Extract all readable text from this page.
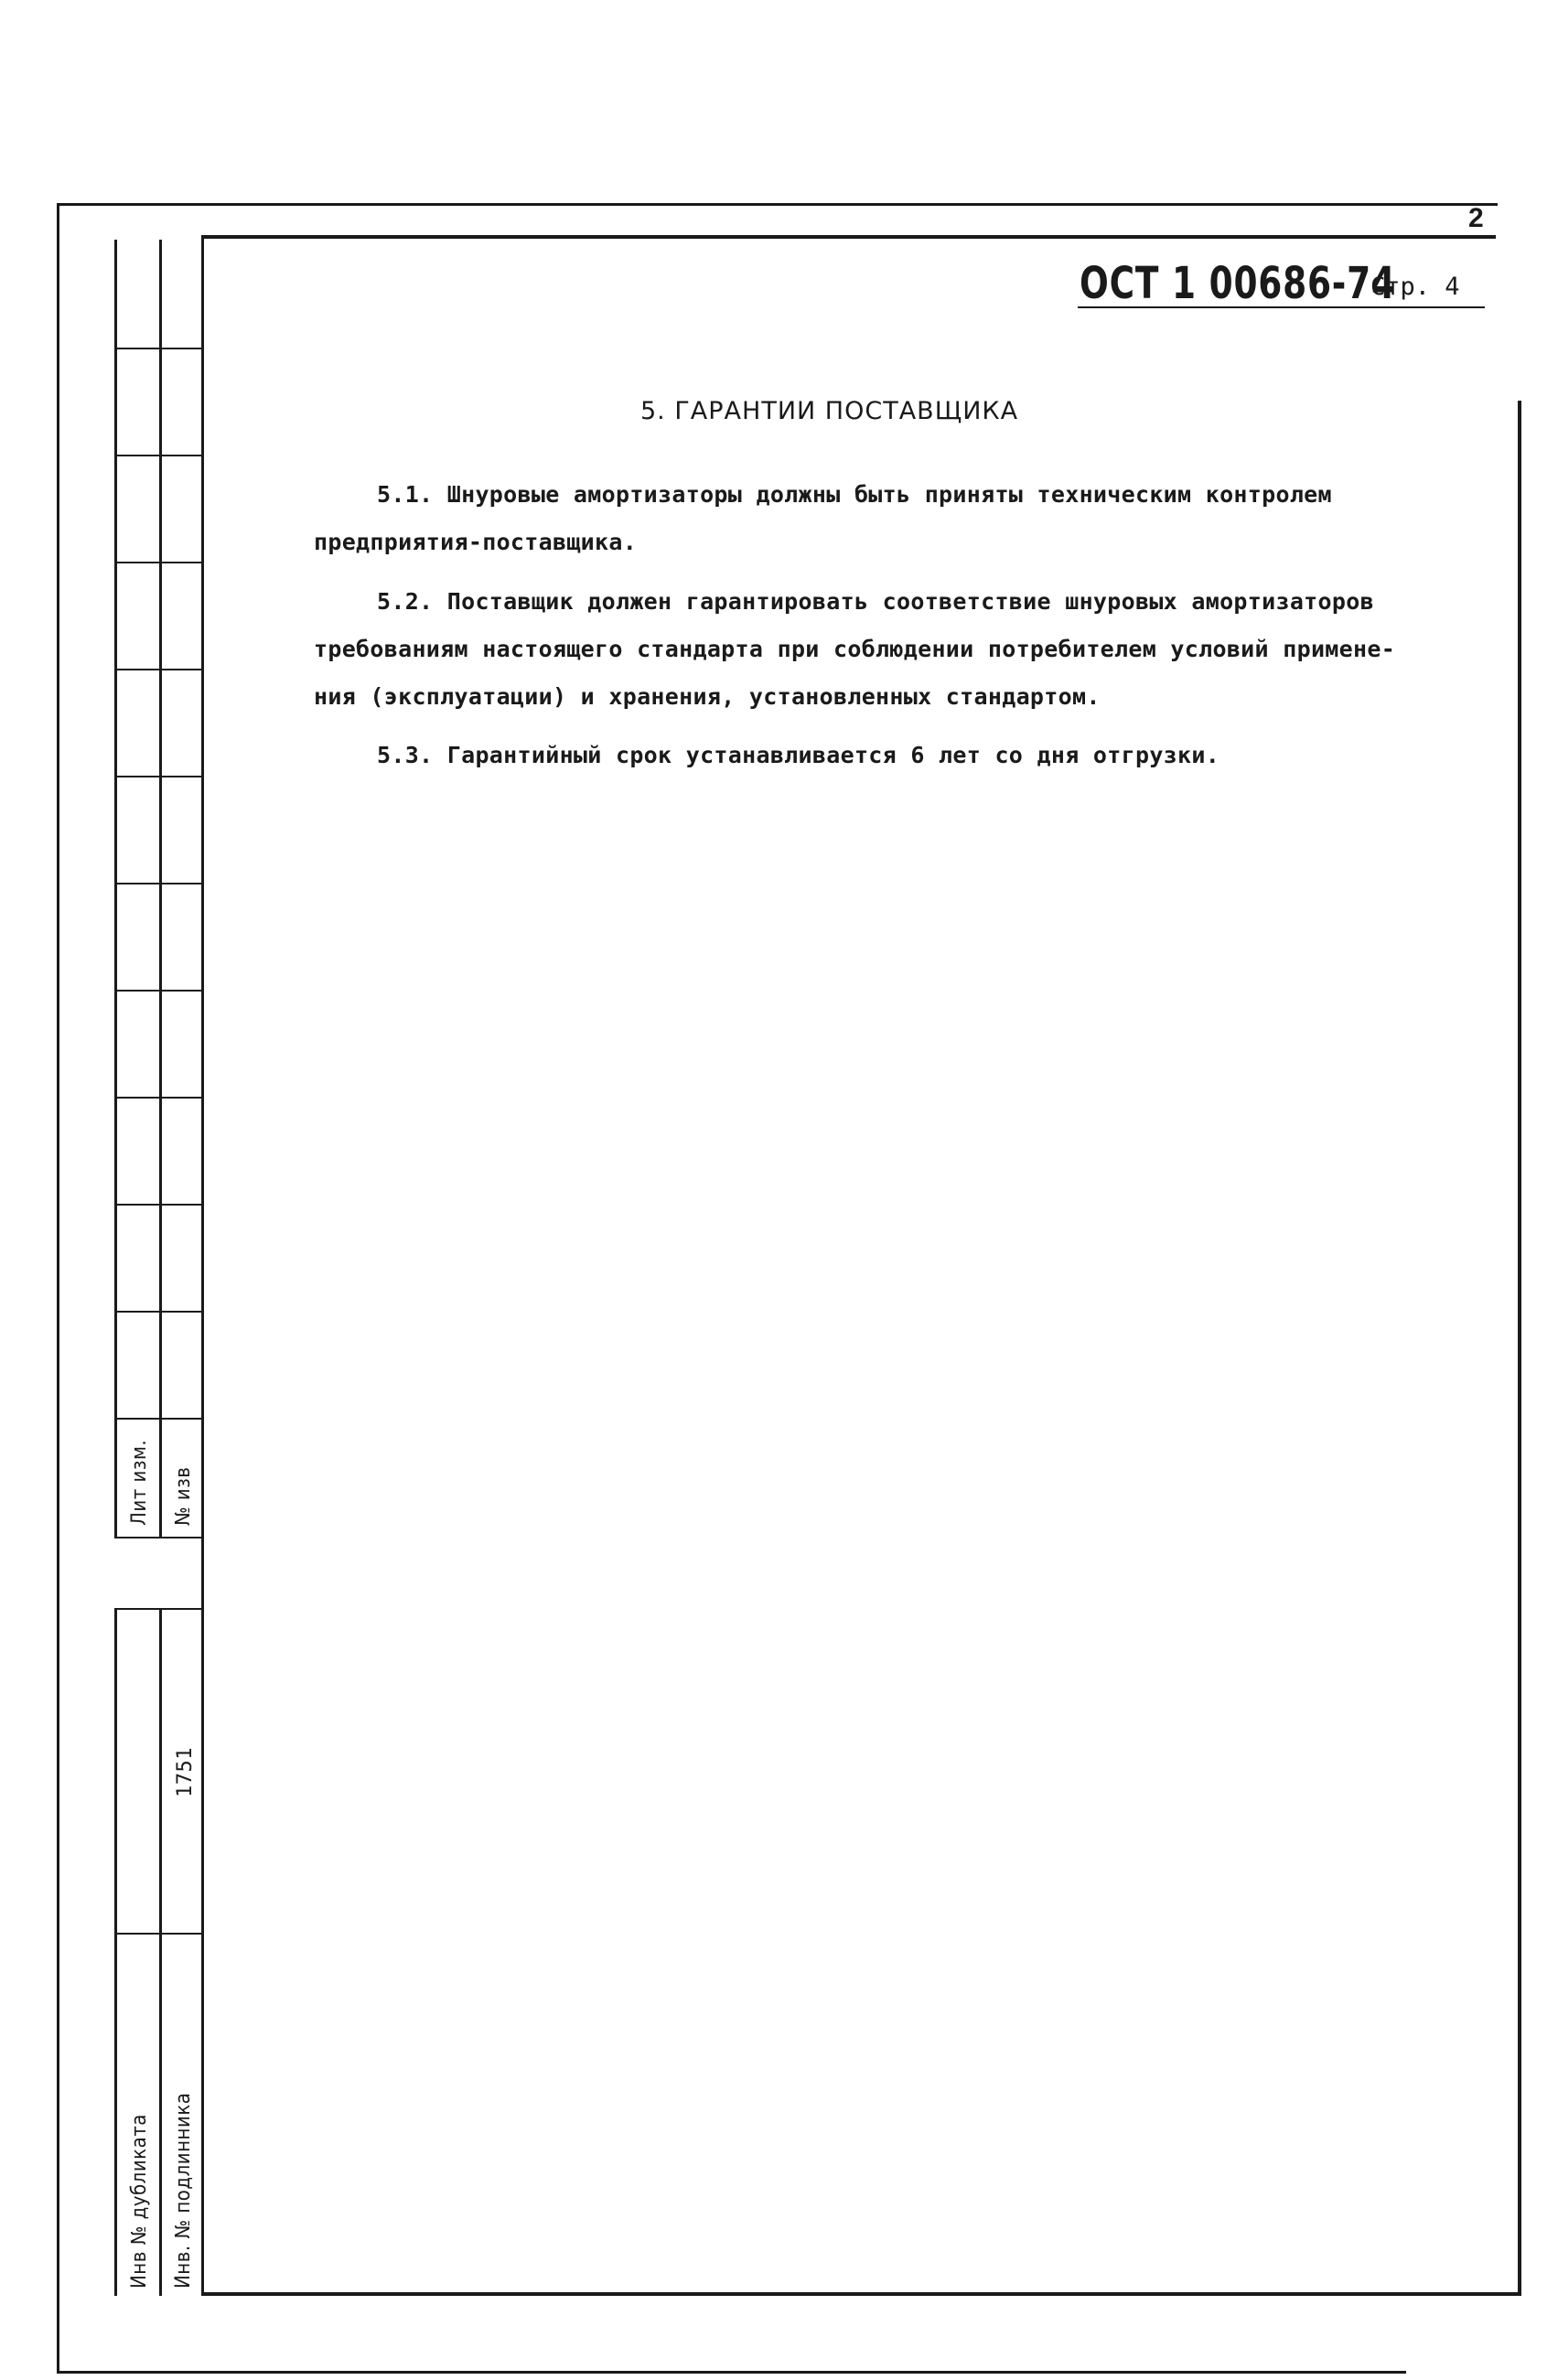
Лит изм. № изв
1751
Инв № дубликата Инв. № подлинника
2
ОСТ 1 00686-74
Стр. 4
5. ГАРАНТИИ ПОСТАВЩИКА
5.1. Шнуровые амортизаторы должны быть приняты техническим контролем
предприятия-поставщика.
5.2. Поставщик должен гарантировать соответствие шнуровых амортизаторов
требованиям настоящего стандарта при соблюдении потребителем условий примене-
ния (эксплуатации) и хранения, установленных стандартом.
5.3. Гарантийный срок устанавливается 6 лет со дня отгрузки.
